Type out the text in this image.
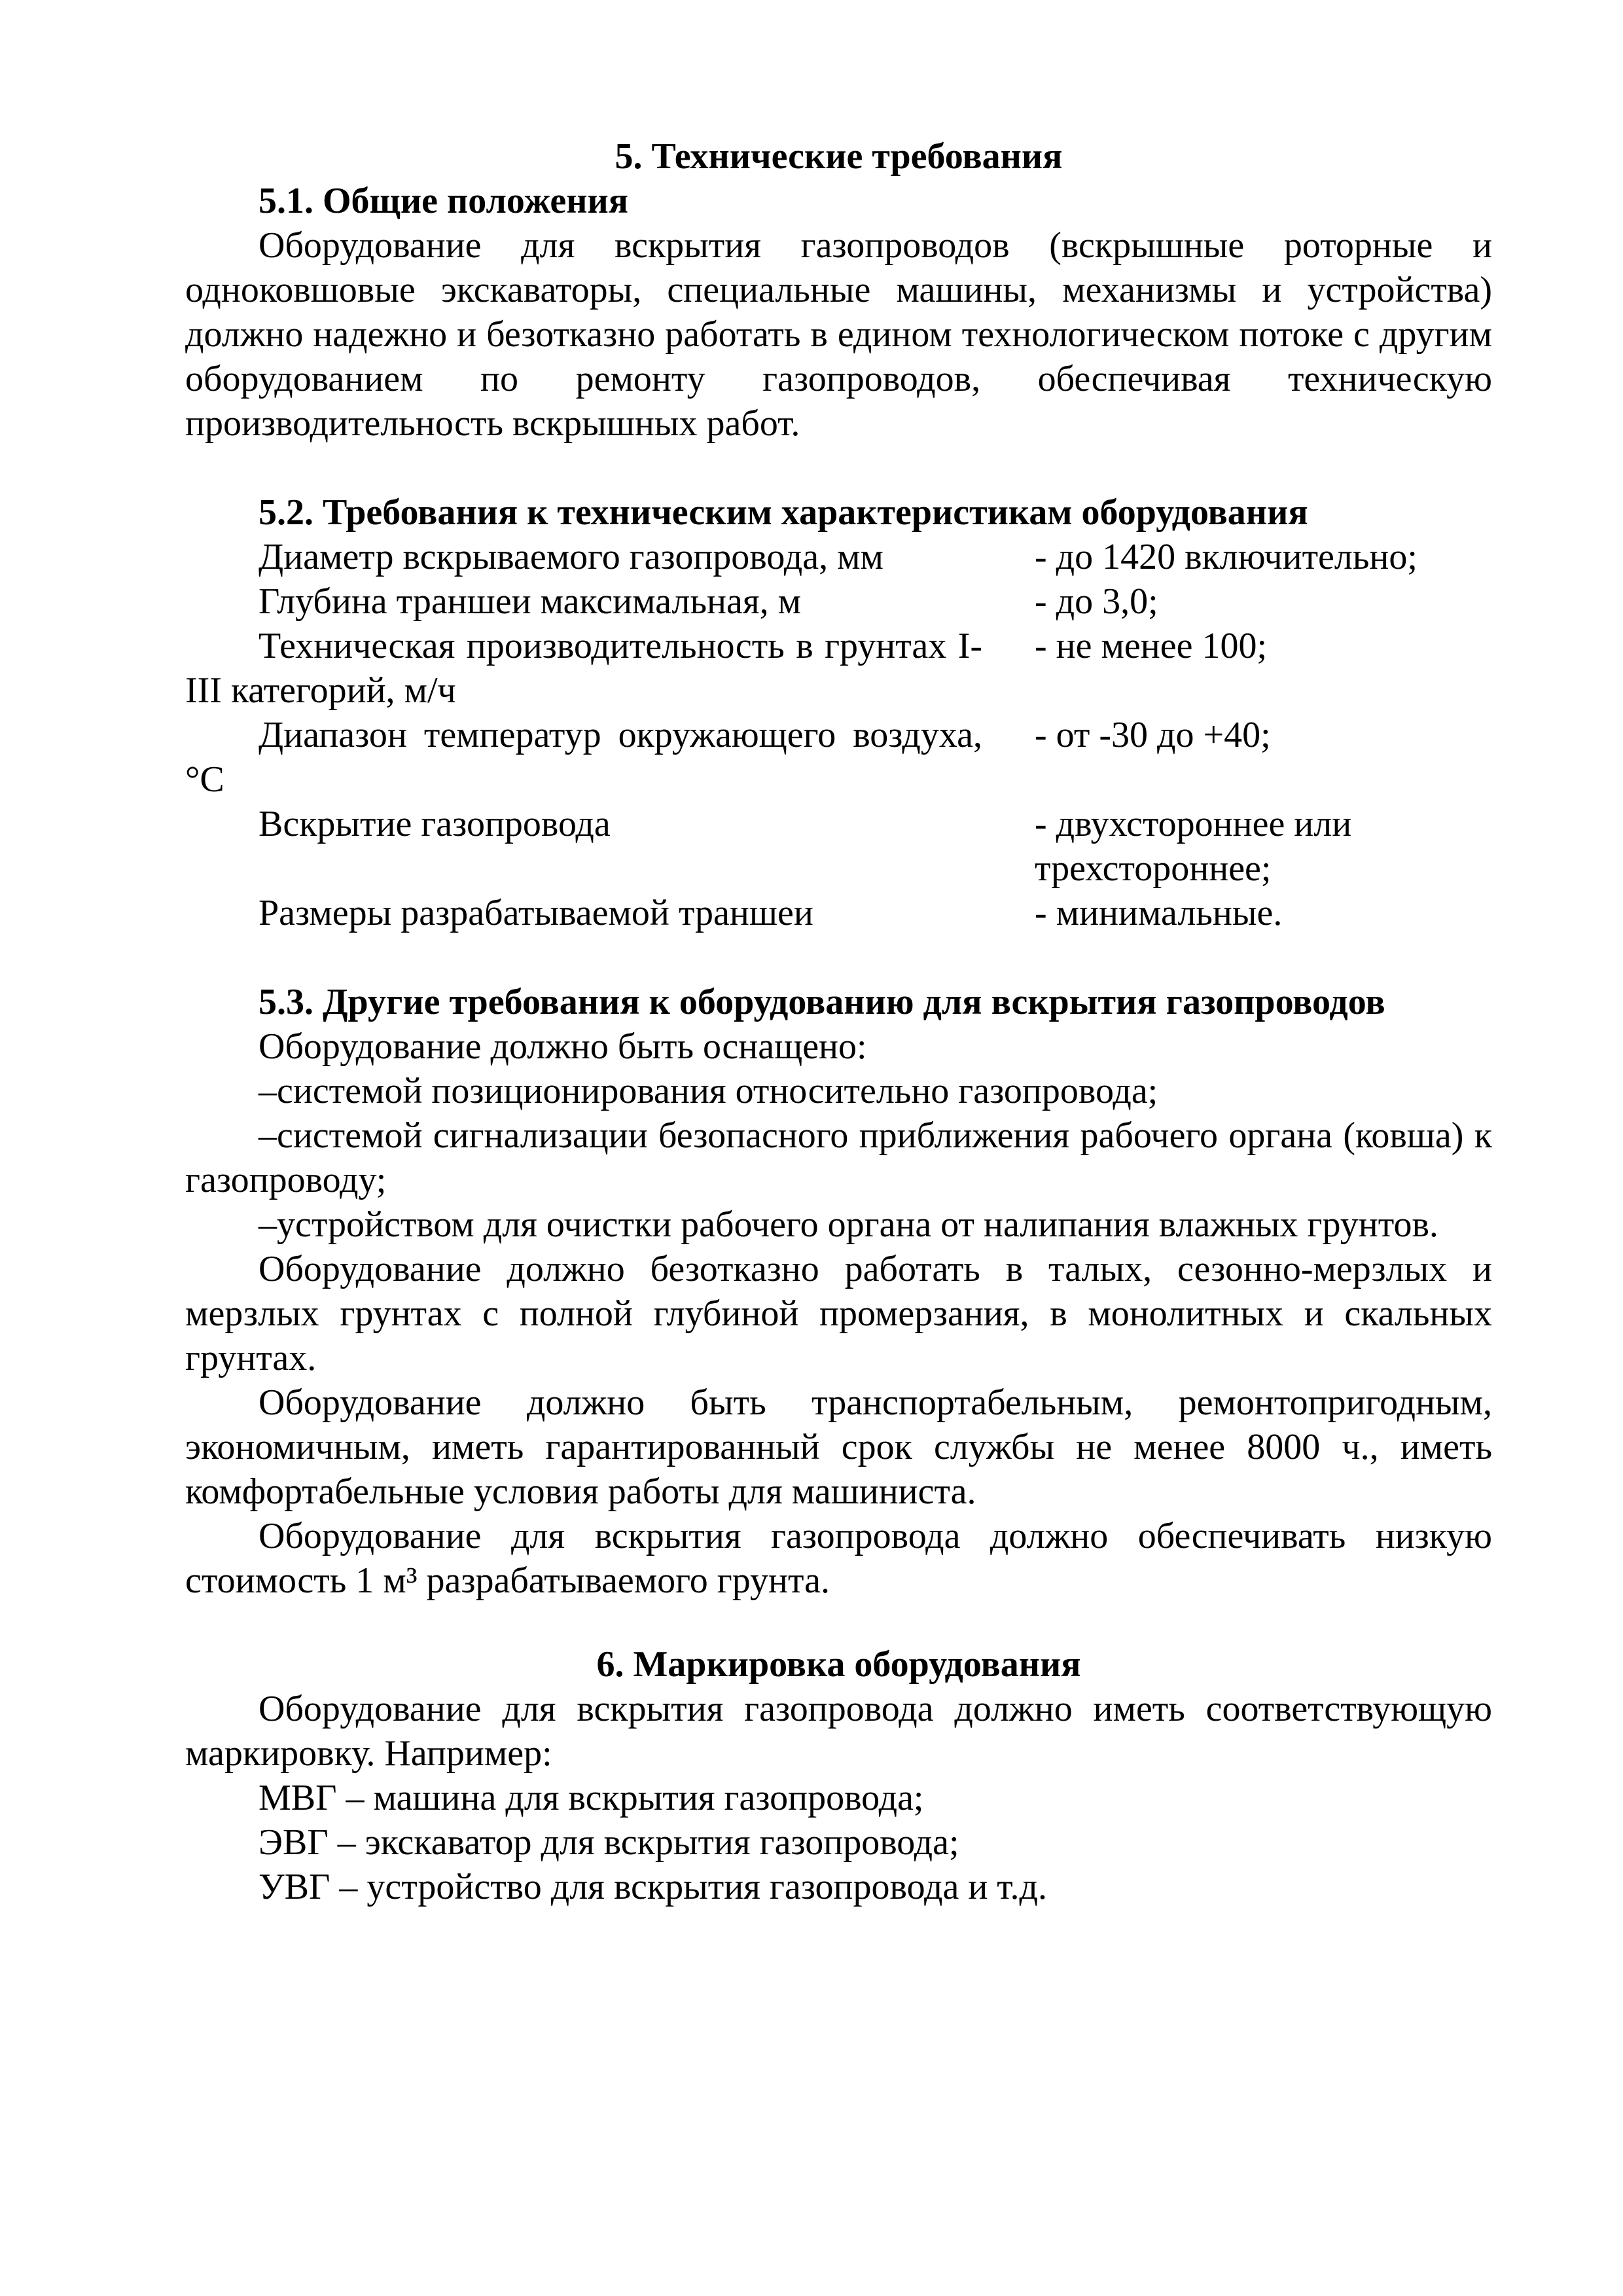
5. Технические требования

5.1. Общие положения

Оборудование для вскрытия газопроводов (вскрышные роторные и одноковшовые экскаваторы, специальные машины, механизмы и устройства) должно надежно и безотказно работать в едином технологическом потоке с другим оборудованием по ремонту газопроводов, обеспечивая техническую производительность вскрышных работ.

5.2. Требования к техническим характеристикам оборудования

Диаметр вскрываемого газопровода, мм	- до 1420 включительно;

Глубина траншеи максимальная, м	- до 3,0;

Техническая производительность в грунтах I-III категорий, м/ч	- не менее 100;

Диапазон температур окружающего воздуха, °С	- от -30 до +40;

Вскрытие газопровода	- двухстороннее или трехстороннее;

Размеры разрабатываемой траншеи	- минимальные.

5.3. Другие требования к оборудованию для вскрытия газопроводов

Оборудование должно быть оснащено:

–системой позиционирования относительно газопровода;

–системой сигнализации безопасного приближения рабочего органа (ковша) к газопроводу;

–устройством для очистки рабочего органа от налипания влажных грунтов.

Оборудование должно безотказно работать в талых, сезонно-мерзлых и мерзлых грунтах с полной глубиной промерзания, в монолитных и скальных грунтах.

Оборудование должно быть транспортабельным, ремонтопригодным, экономичным, иметь гарантированный срок службы не менее 8000 ч., иметь комфортабельные условия работы для машиниста.

Оборудование для вскрытия газопровода должно обеспечивать низкую стоимость 1 м³ разрабатываемого грунта.

6. Маркировка оборудования

Оборудование для вскрытия газопровода должно иметь соответствующую маркировку. Например:

МВГ – машина для вскрытия газопровода;

ЭВГ – экскаватор для вскрытия газопровода;

УВГ – устройство для вскрытия газопровода и т.д.
